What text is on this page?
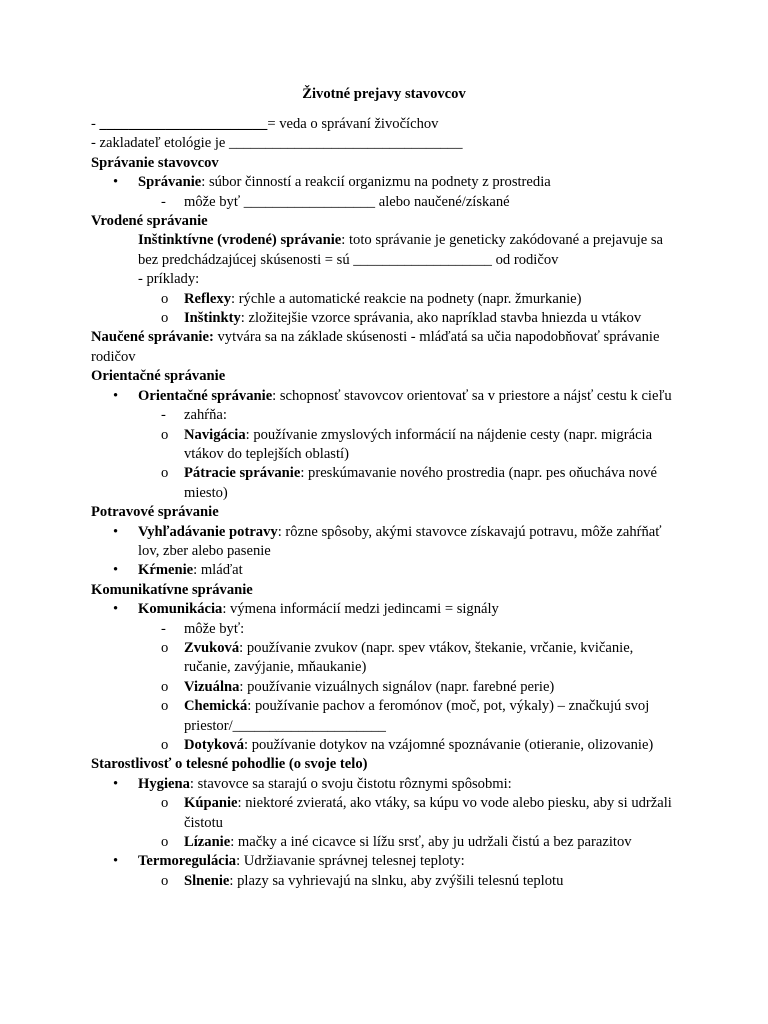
Životné prejavy stavovcov

- _______________________= veda o správaní živočíchov

- zakladateľ etológie je ________________________________

Správanie stavovcov

• Správanie: súbor činností a reakcií organizmu na podnety z prostredia

- môže byť __________________ alebo naučené/získané

Vrodené správanie

Inštinktívne (vrodené) správanie: toto správanie je geneticky zakódované a prejavuje sa bez predchádzajúcej skúsenosti = sú ___________________ od rodičov

- príklady:

o Reflexy: rýchle a automatické reakcie na podnety (napr. žmurkanie)

o Inštinkty: zložitejšie vzorce správania, ako napríklad stavba hniezda u vtákov

Naučené správanie: vytvára sa na základe skúsenosti - mláďatá sa učia napodobňovať správanie rodičov

Orientačné správanie

• Orientačné správanie: schopnosť stavovcov orientovať sa v priestore a nájsť cestu k cieľu

- zahŕňa:

o Navigácia: používanie zmyslových informácií na nájdenie cesty (napr. migrácia vtákov do teplejších oblastí)

o Pátracie správanie: preskúmavanie nového prostredia (napr. pes oňucháva nové miesto)

Potravové správanie

• Vyhľadávanie potravy: rôzne spôsoby, akými stavovce získavajú potravu, môže zahŕňať lov, zber alebo pasenie

• Kŕmenie: mláďat

Komunikatívne správanie

• Komunikácia: výmena informácií medzi jedincami = signály

- môže byť:

o Zvuková: používanie zvukov (napr. spev vtákov, štekanie, vrčanie, kvičanie, ručanie, zavýjanie, mňaukanie)

o Vizuálna: používanie vizuálnych signálov (napr. farebné perie)

o Chemická: používanie pachov a feromónov (moč, pot, výkaly) – značkujú svoj priestor/_____________________

o Dotyková: používanie dotykov na vzájomné spoznávanie (otieranie, olizovanie)

Starostlivosť o telesné pohodlie (o svoje telo)

• Hygiena: stavovce sa starajú o svoju čistotu rôznymi spôsobmi:

o Kúpanie: niektoré zvieratá, ako vtáky, sa kúpu vo vode alebo piesku, aby si udržali čistotu

o Lízanie: mačky a iné cicavce si lížu srsť, aby ju udržali čistú a bez parazitov

• Termoregulácia: Udržiavanie správnej telesnej teploty:

o Slnenie: plazy sa vyhrievajú na slnku, aby zvýšili telesnú teplotu
